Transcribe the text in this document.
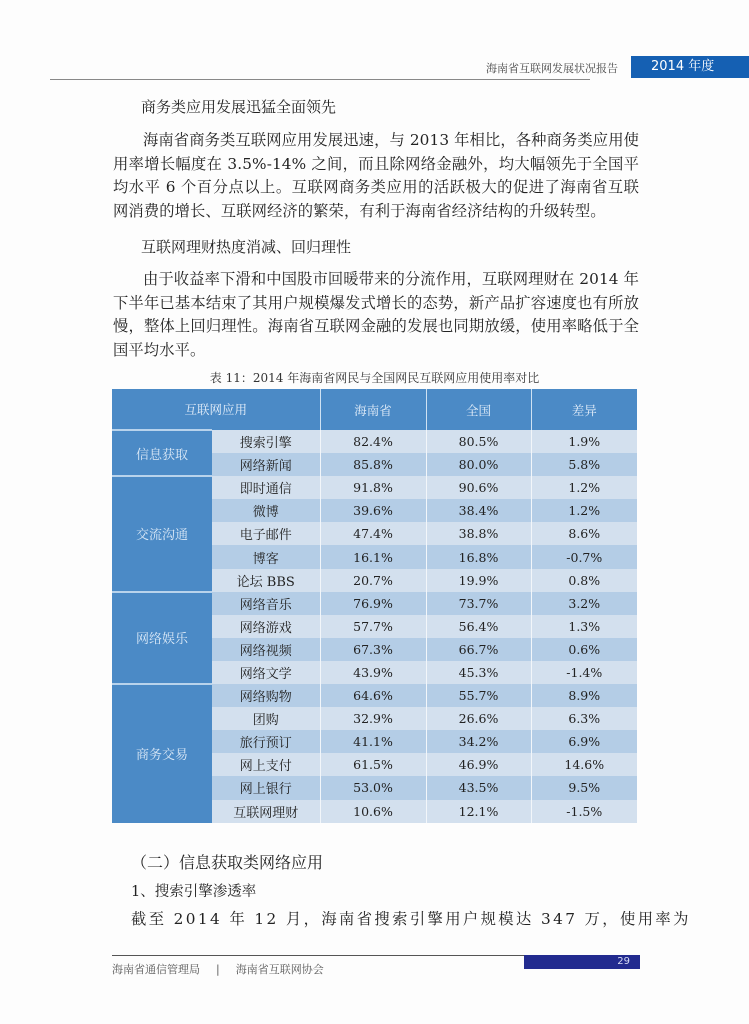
海南省互联网发展状况报告	2014 年度
商务类应用发展迅猛全面领先
海南省商务类互联网应用发展迅速，与 2013 年相比，各种商务类应用使用率增长幅度在 3.5%-14% 之间，而且除网络金融外，均大幅领先于全国平均水平 6 个百分点以上。互联网商务类应用的活跃极大的促进了海南省互联网消费的增长、互联网经济的繁荣，有利于海南省经济结构的升级转型。
互联网理财热度消减、回归理性
由于收益率下滑和中国股市回暖带来的分流作用，互联网理财在 2014 年下半年已基本结束了其用户规模爆发式增长的态势，新产品扩容速度也有所放慢，整体上回归理性。海南省互联网金融的发展也同期放缓，使用率略低于全国平均水平。
表 11：2014 年海南省网民与全国网民互联网应用使用率对比
互联网应用		海南省	全国	差异
信息获取	搜索引擎	82.4%	80.5%	1.9%
	网络新闻	85.8%	80.0%	5.8%
交流沟通	即时通信	91.8%	90.6%	1.2%
	微博	39.6%	38.4%	1.2%
	电子邮件	47.4%	38.8%	8.6%
	博客	16.1%	16.8%	-0.7%
	论坛 BBS	20.7%	19.9%	0.8%
网络娱乐	网络音乐	76.9%	73.7%	3.2%
	网络游戏	57.7%	56.4%	1.3%
	网络视频	67.3%	66.7%	0.6%
	网络文学	43.9%	45.3%	-1.4%
商务交易	网络购物	64.6%	55.7%	8.9%
	团购	32.9%	26.6%	6.3%
	旅行预订	41.1%	34.2%	6.9%
	网上支付	61.5%	46.9%	14.6%
	网上银行	53.0%	43.5%	9.5%
	互联网理财	10.6%	12.1%	-1.5%
（二）信息获取类网络应用
1、搜索引擎渗透率
截至 2014 年 12 月，海南省搜索引擎用户规模达 347 万，使用率为
海南省通信管理局 | 海南省互联网协会
29
